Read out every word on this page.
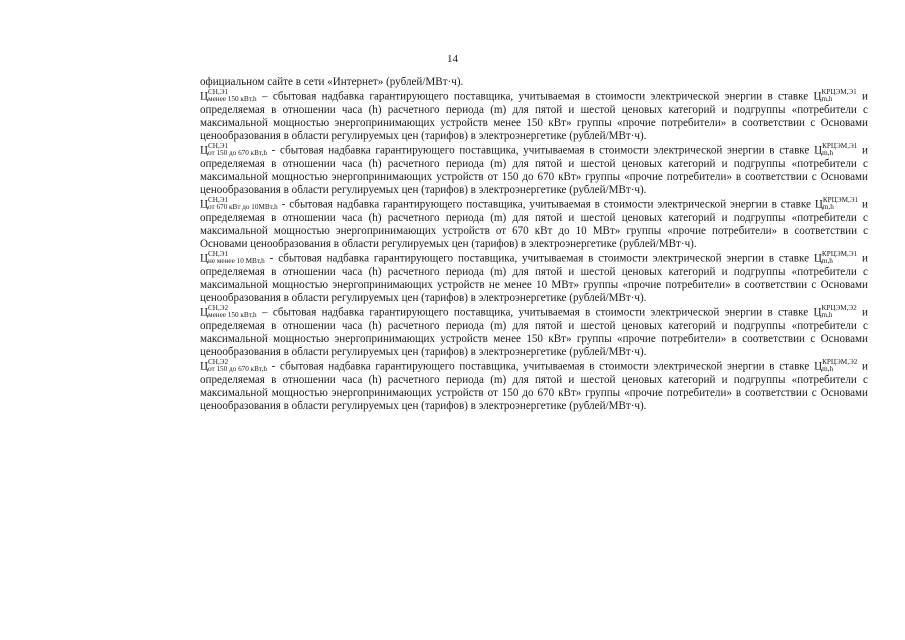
14
официальном сайте в сети «Интернет» (рублей/МВт·ч).
Ц СН,Э1
менее 150 кВт,h – сбытовая надбавка гарантирующего поставщика, учитываемая в стоимости электрической энергии в ставке Ц КРЦЭМ,Э1
m,h	и определяемая в отношении часа (h) расчетного периода (m) для пятой и шестой ценовых категорий и подгруппы «потребители с максимальной мощностью энергопринимающих устройств менее 150 кВт» группы «прочие потребители» в соответствии с Основами ценообразования в области регулируемых цен (тарифов) в электроэнергетике (рублей/МВт·ч).
Ц СН,Э1
от 150 до 670 кВт,h - сбытовая надбавка гарантирующего поставщика, учитываемая в стоимости электрической энергии в ставке Ц КРЦЭМ,Э1
m,h	и определяемая в отношении часа (h) расчетного периода (m) для пятой и шестой ценовых категорий и подгруппы «потребители с максимальной мощностью энергопринимающих устройств от 150 до 670 кВт» группы «прочие потребители» в соответствии с Основами ценообразования в области регулируемых цен (тарифов) в электроэнергетике (рублей/МВт·ч).
Ц СН,Э1
от 670 кВт до 10МВт,h - сбытовая надбавка гарантирующего поставщика, учитываемая в стоимости электрической энергии в ставке Ц КРЦЭМ,Э1
m,h	и определяемая в отношении часа (h) расчетного периода (m) для пятой и шестой ценовых категорий и подгруппы «потребители с максимальной мощностью энергопринимающих устройств от 670 кВт до 10 МВт» группы «прочие потребители» в соответствии с Основами ценообразования в области регулируемых цен (тарифов) в электроэнергетике (рублей/МВт·ч).
Ц СН,Э1
не менее 10 МВт,h - сбытовая надбавка гарантирующего поставщика, учитываемая в стоимости электрической энергии в ставке Ц КРЦЭМ,Э1
m,h	и определяемая в отношении часа (h) расчетного периода (m) для пятой и шестой ценовых категорий и подгруппы «потребители с максимальной мощностью энергопринимающих устройств не менее 10 МВт» группы «прочие потребители» в соответствии с Основами ценообразования в области регулируемых цен (тарифов) в электроэнергетике (рублей/МВт·ч).
Ц СН,Э2
менее 150 кВт,h – сбытовая надбавка гарантирующего поставщика, учитываемая в стоимости электрической энергии в ставке Ц КРЦЭМ,Э2
m,h	и определяемая в отношении часа (h) расчетного периода (m) для пятой и шестой ценовых категорий и подгруппы «потребители с максимальной мощностью энергопринимающих устройств менее 150 кВт» группы «прочие потребители» в соответствии с Основами ценообразования в области регулируемых цен (тарифов) в электроэнергетике (рублей/МВт·ч).
Ц СН,Э2
от 150 до 670 кВт,h - сбытовая надбавка гарантирующего поставщика, учитываемая в стоимости электрической энергии в ставке Ц КРЦЭМ,Э2
m,h	и определяемая в отношении часа (h) расчетного периода (m) для пятой и шестой ценовых категорий и подгруппы «потребители с максимальной мощностью энергопринимающих устройств от 150 до 670 кВт» группы «прочие потребители» в соответствии с Основами ценообразования в области регулируемых цен (тарифов) в электроэнергетике (рублей/МВт·ч).
